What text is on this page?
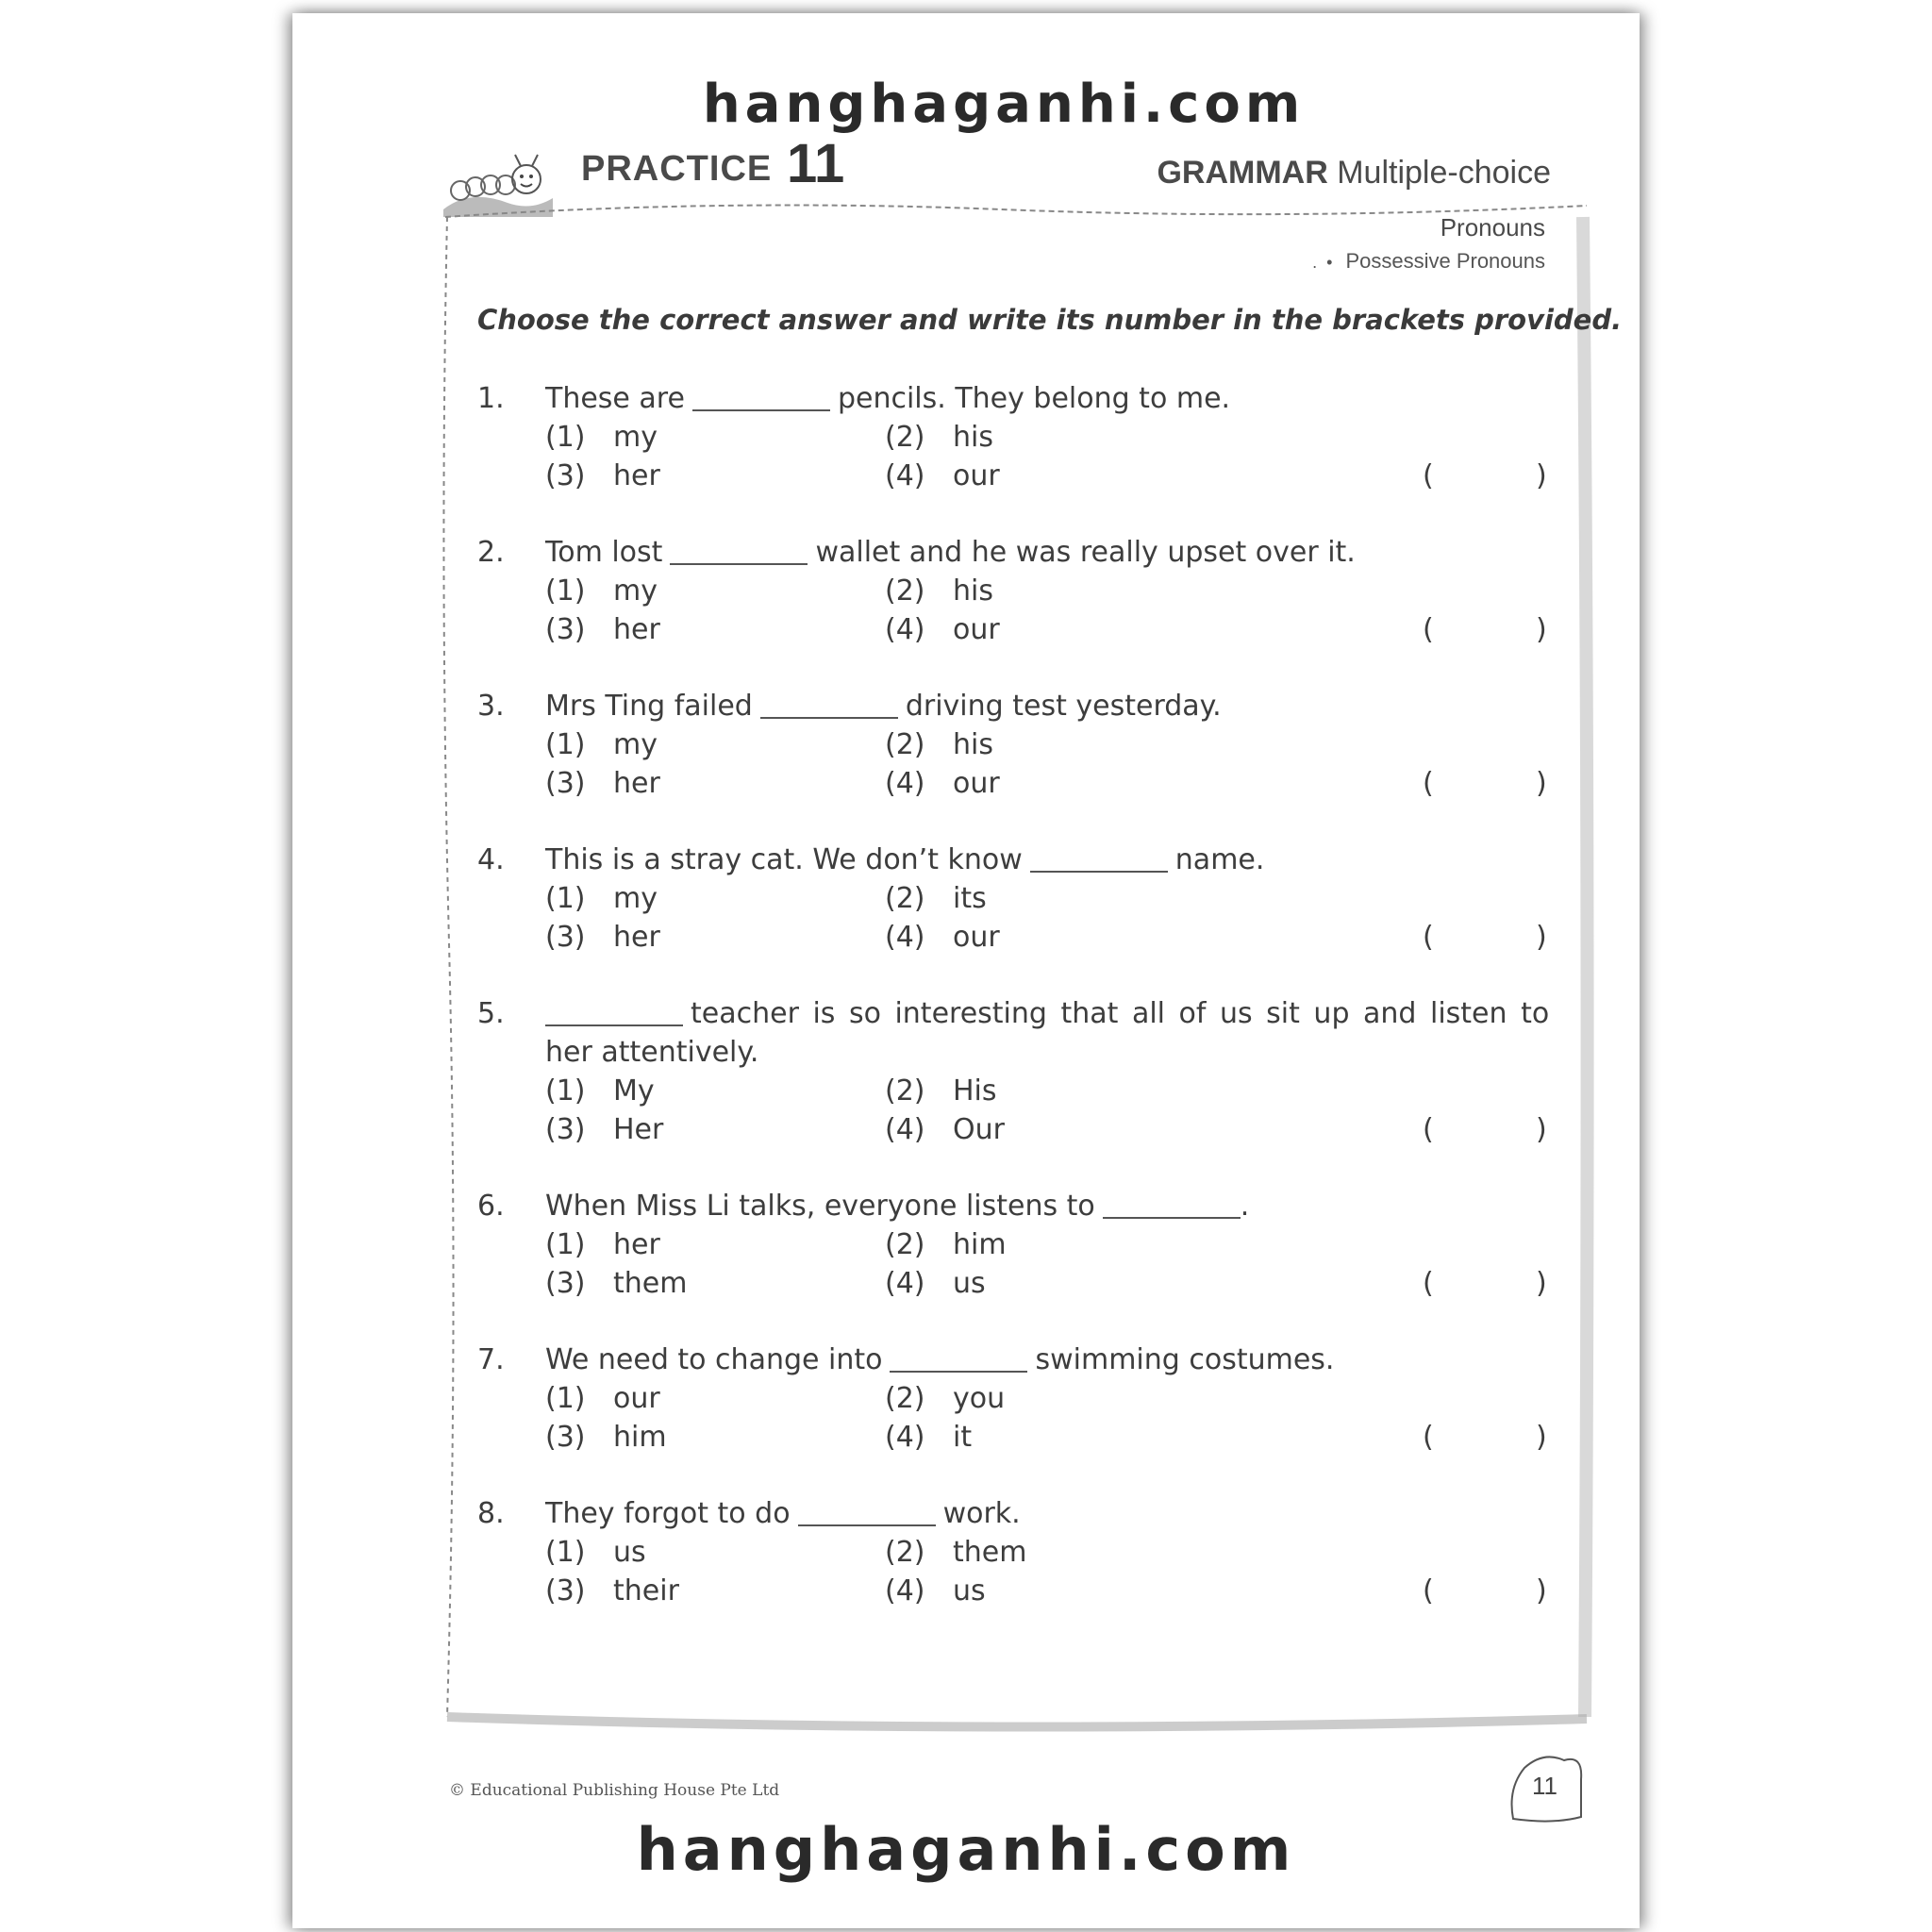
hanghaganhi.com
PRACTICE 11	GRAMMAR Multiple-choice
Pronouns
.  • Possessive Pronouns
Choose the correct answer and write its number in the brackets provided.
1. These are	pencils. They belong to me.
(1) my	(2) his
(3) her	(4) our	(	)
2. Tom lost	wallet and he was really upset over it.
(1) my	(2) his
(3) her	(4) our	(	)
3. Mrs Ting failed	driving test yesterday.
(1) my	(2) his
(3) her	(4) our	(	)
4. This is a stray cat. We don’t know	name.
(1) my	(2) its
(3) her	(4) our	(	)
5.	teacher is so interesting that all of us sit up and listen to
her attentively.
(1) My	(2) His
(3) Her	(4) Our	(	)
6. When Miss Li talks, everyone listens to	.
(1) her	(2) him
(3) them	(4) us	(	)
7. We need to change into	swimming costumes.
(1) our	(2) you
(3) him	(4) it	(	)
8. They forgot to do	work.
(1) us	(2) them
(3) their	(4) us	(	)
© Educational Publishing House Pte Ltd	11
hanghaganhi.com
